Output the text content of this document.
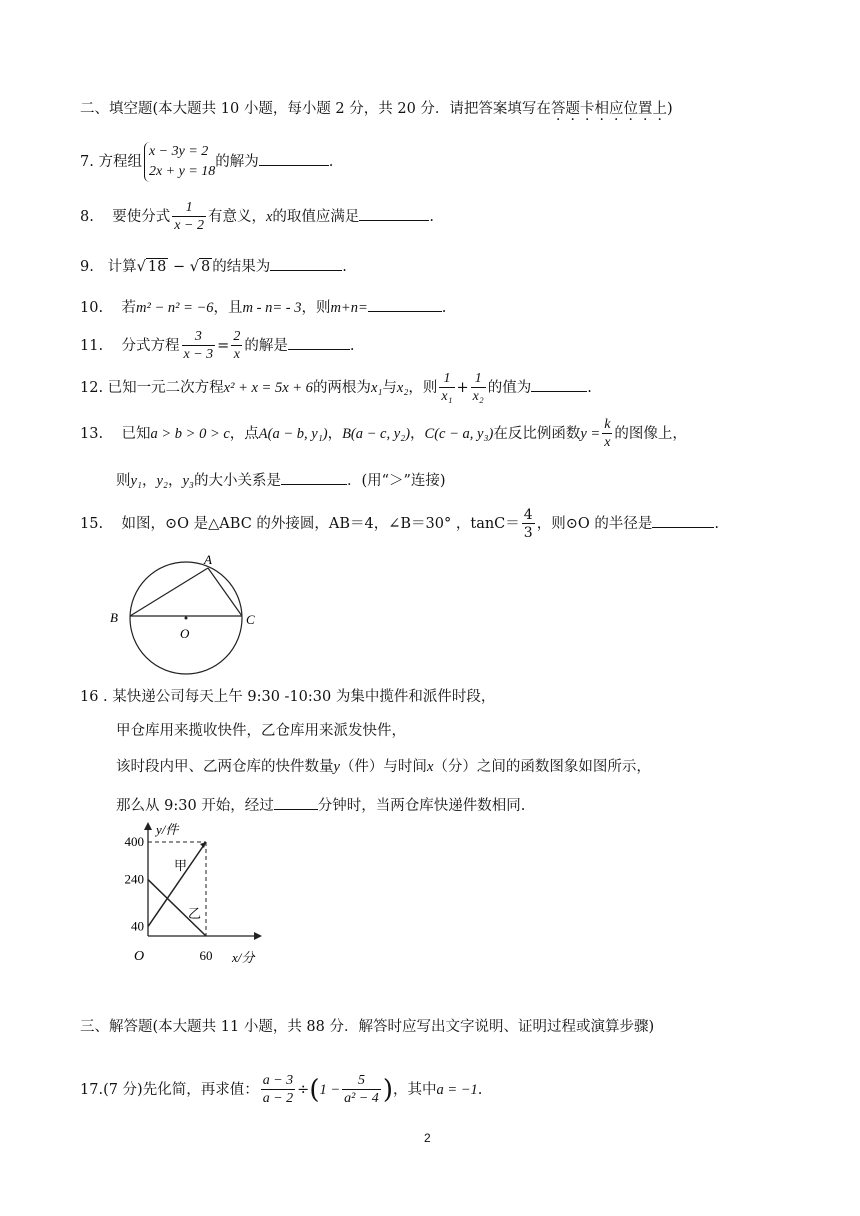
二、填空题(本大题共 10 小题，每小题 2 分，共 20 分．请把答案填写在答题卡相应位置上)
7. 方程组
x − 3y = 2
2x + y = 18
的解为	.
8. 要使分式 $\frac{1}{x - 2}$ 有意义，x的取值应满足	.
9. 计算√ 18 − √ 8 的结果为	.
10. 若m² − n² = −6，且m - n= - 3，则m+n=	.
11. 分式方程 $\frac{3}{x - 3} = \frac{2}{x}$ 的解是	.
12. 已知一元二次方程x² + x = 5x + 6的两根为x₁与x₂，则 $\frac{1}{\text{x₁}} + \frac{1}{\text{x₂}}$ 的值为	.
13. 已知a > b > 0 > c，点A(a − b, y₁)，B(a − c, y₂)，C(c − a, y₃)在反比例函数$y = \frac{k}{x}$ 的图像上，
则y₁，y₂，y₃的大小关系是	．(用“＞”连接)
15. 如图，⊙O 是△ABC 的外接圆，AB＝4，∠B＝30° ，$\tan C= \frac{4}{3}$ ，则⊙O 的半径是	.
A
B	C
O
16 . 某快递公司每天上午 9:30 -10:30 为集中揽件和派件时段，
甲仓库用来揽收快件，乙仓库用来派发快件，
该时段内甲、乙两仓库的快件数量y（件）与时间x（分）之间的函数图象如图所示，
那么从 9:30 开始，经过	分钟时，当两仓库快递件数相同.
y/件
x/分
O
甲
乙
40
240
400
60
三、解答题(本大题共 11 小题，共 88 分．解答时应写出文字说明、证明过程或演算步骤)
17.(7 分)先化简，再求值： $\frac{a - 3}{a - 2} \div(1 - \frac{5}{\text{a² − 4}}$ )，其中a = −1.
2
